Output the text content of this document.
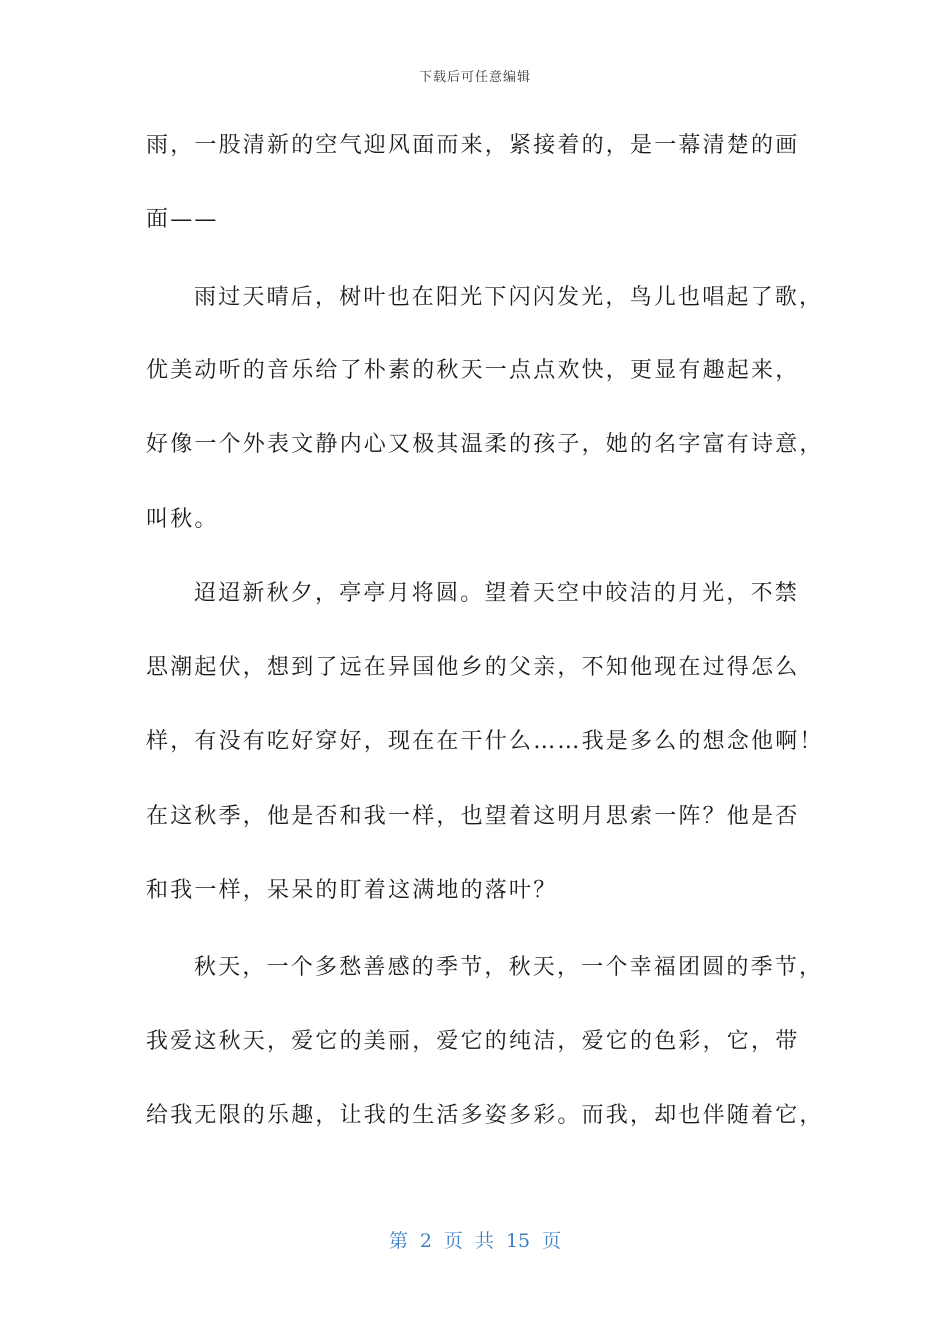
下载后可任意编辑
雨，一股清新的空气迎风面而来，紧接着的，是一幕清楚的画
面——
雨过天晴后，树叶也在阳光下闪闪发光，鸟儿也唱起了歌，
优美动听的音乐给了朴素的秋天一点点欢快，更显有趣起来，
好像一个外表文静内心又极其温柔的孩子，她的名字富有诗意，
叫秋。
迢迢新秋夕，亭亭月将圆。望着天空中皎洁的月光，不禁
思潮起伏，想到了远在异国他乡的父亲，不知他现在过得怎么
样，有没有吃好穿好，现在在干什么……我是多么的想念他啊！
在这秋季，他是否和我一样，也望着这明月思索一阵？他是否
和我一样，呆呆的盯着这满地的落叶？
秋天，一个多愁善感的季节，秋天，一个幸福团圆的季节，
我爱这秋天，爱它的美丽，爱它的纯洁，爱它的色彩，它，带
给我无限的乐趣，让我的生活多姿多彩。而我，却也伴随着它，
第 2 页 共 15 页
